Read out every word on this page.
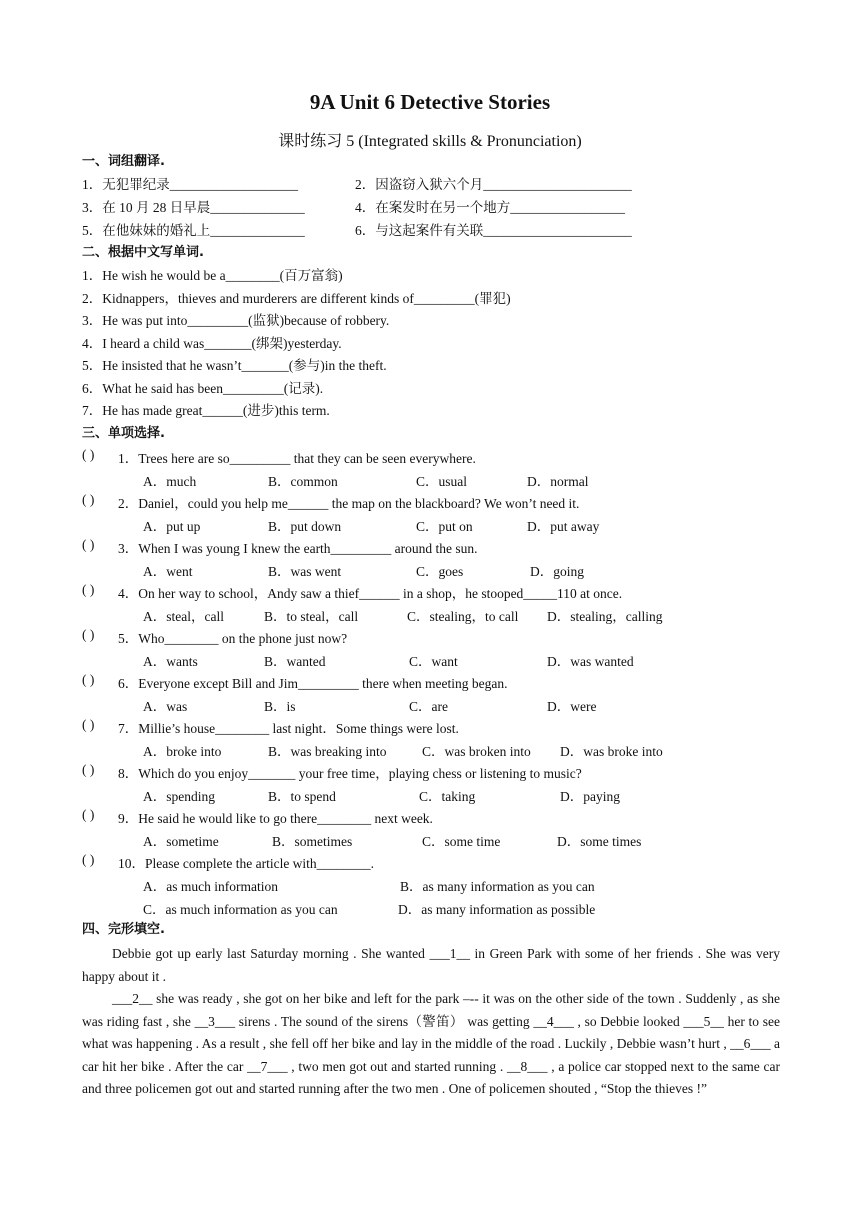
9A Unit 6 Detective Stories
课时练习 5 (Integrated skills & Pronunciation)
一、词组翻译.
1．无犯罪纪录___________________	2．因盗窃入狱六个月______________________
3．在 10 月 28 日早晨______________	4．在案发时在另一个地方_________________
5．在他妹妹的婚礼上______________	6．与这起案件有关联______________________
二、根据中文写单词.
1．He wish he would be a________(百万富翁)
2．Kidnappers，thieves and murderers are different kinds of_________(罪犯)
3．He was put into_________(监狱)because of robbery.
4．I heard a child was_______(绑架)yesterday.
5．He insisted that he wasn’t_______(参与)in the theft.
6．What he said has been_________(记录).
7．He has made great______(进步)this term.
三、单项选择.
( ) 1．Trees here are so_________ that they can be seen everywhere.
A．much	B．common	C．usual	D．normal
( ) 2．Daniel，could you help me______ the map on the blackboard? We won’t need it.
A．put up	B．put down	C．put on	D．put away
( ) 3．When I was young I knew the earth_________ around the sun.
A．went	B．was went	C．goes	D．going
( ) 4．On her way to school，Andy saw a thief______ in a shop，he stooped_____110 at once.
A．steal，call	B．to steal，call	C．stealing，to call D．stealing，calling
( ) 5．Who________ on the phone just now?
A．wants	B．wanted	C．want	D．was wanted
( ) 6．Everyone except Bill and Jim_________ there when meeting began.
A．was	B．is	C．are	D．were
( ) 7．Millie’s house________ last night．Some things were lost.
A．broke into	B．was breaking into	C．was broken into D．was broke into
( ) 8．Which do you enjoy_______ your free time，playing chess or listening to music?
A．spending	B．to spend	C．taking	D．paying
( ) 9．He said he would like to go there________ next week.
A．sometime	B．sometimes	C．some time	D．some times
( ) 10．Please complete the article with________.
A．as much information	B．as many information as you can
C．as much information as you can	D．as many information as possible
四、完形填空.
Debbie got up early last Saturday morning . She wanted ___1__ in Green Park with some of her friends . She was very happy about it .
___2__ she was ready , she got on her bike and left for the park –-- it was on the other side of the town . Suddenly , as she was riding fast , she __3___ sirens . The sound of the sirens（警笛） was getting __4___ , so Debbie looked ___5__ her to see what was happening . As a result , she fell off her bike and lay in the middle of the road . Luckily , Debbie wasn’t hurt , __6___ a car hit her bike . After the car __7___ , two men got out and started running . __8___ , a police car stopped next to the same car and three policemen got out and started running after the two men . One of policemen shouted , “Stop the thieves !”
